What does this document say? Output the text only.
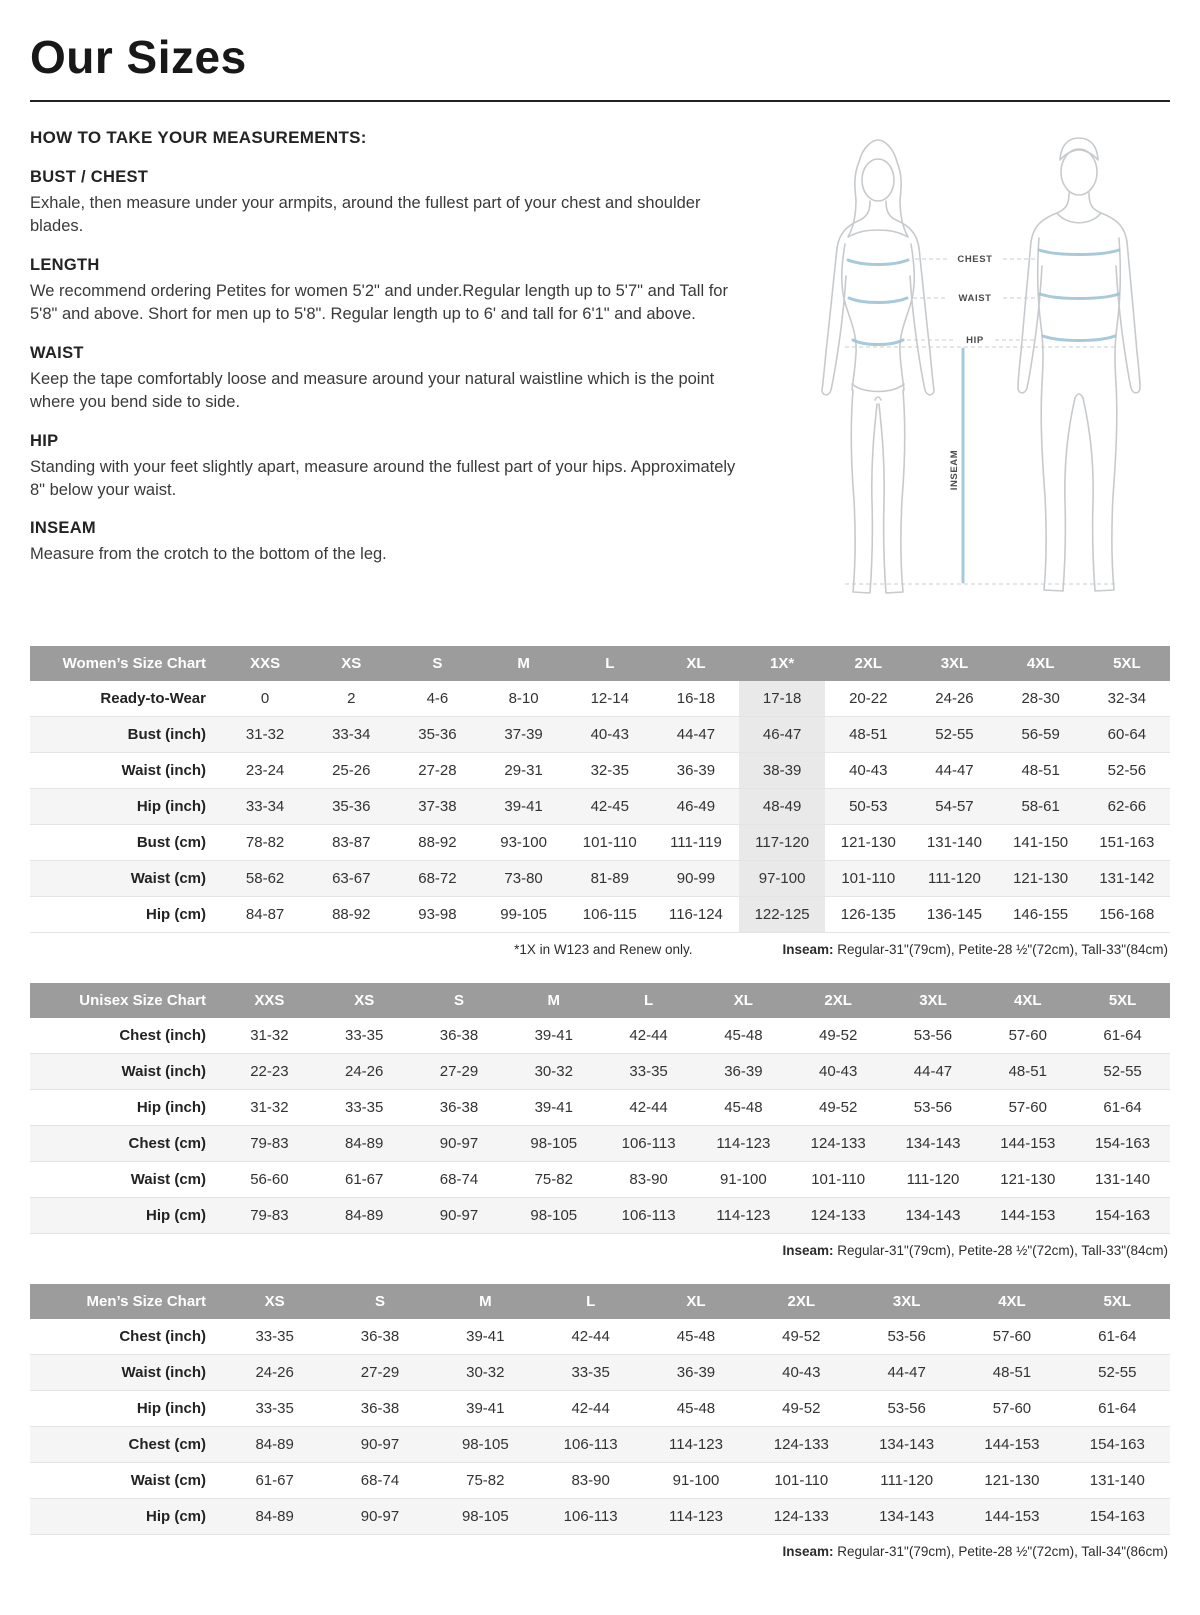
Our Sizes
HOW TO TAKE YOUR MEASUREMENTS:
BUST / CHEST

Exhale, then measure under your armpits, around the fullest part of your chest and shoulder blades.

LENGTH

We recommend ordering Petites for women 5'2" and under.Regular length up to 5'7" and Tall for 5'8" and above. Short for men up to 5'8". Regular length up to 6' and tall for 6'1" and above.

WAIST

Keep the tape comfortably loose and measure around your natural waistline which is the point where you bend side to side.

HIP

Standing with your feet slightly apart, measure around the fullest part of your hips. Approximately 8" below your waist.

INSEAM

Measure from the crotch to the bottom of the leg.

CHEST
WAIST
HIP
INSEAM
Women’s Size Chart	XXS	XS	S	M	L	XL	1X*	2XL	3XL	4XL	5XL
Ready-to-Wear	0	2	4-6	8-10	12-14	16-18	17-18	20-22	24-26	28-30	32-34
Bust (inch)	31-32	33-34	35-36	37-39	40-43	44-47	46-47	48-51	52-55	56-59	60-64
Waist (inch)	23-24	25-26	27-28	29-31	32-35	36-39	38-39	40-43	44-47	48-51	52-56
Hip (inch)	33-34	35-36	37-38	39-41	42-45	46-49	48-49	50-53	54-57	58-61	62-66
Bust (cm)	78-82	83-87	88-92	93-100	101-110	111-119	117-120	121-130	131-140	141-150	151-163
Waist (cm)	58-62	63-67	68-72	73-80	81-89	90-99	97-100	101-110	111-120	121-130	131-142
Hip (cm)	84-87	88-92	93-98	99-105	106-115	116-124	122-125	126-135	136-145	146-155	156-168
*1X in W123 and Renew only.	Inseam: Regular-31"(79cm), Petite-28 ½"(72cm), Tall-33"(84cm)
Unisex Size Chart	XXS	XS	S	M	L	XL	2XL	3XL	4XL	5XL
Chest (inch)	31-32	33-35	36-38	39-41	42-44	45-48	49-52	53-56	57-60	61-64
Waist (inch)	22-23	24-26	27-29	30-32	33-35	36-39	40-43	44-47	48-51	52-55
Hip (inch)	31-32	33-35	36-38	39-41	42-44	45-48	49-52	53-56	57-60	61-64
Chest (cm)	79-83	84-89	90-97	98-105	106-113	114-123	124-133	134-143	144-153	154-163
Waist (cm)	56-60	61-67	68-74	75-82	83-90	91-100	101-110	111-120	121-130	131-140
Hip (cm)	79-83	84-89	90-97	98-105	106-113	114-123	124-133	134-143	144-153	154-163
Inseam: Regular-31"(79cm), Petite-28 ½"(72cm), Tall-33"(84cm)
Men’s Size Chart	XS	S	M	L	XL	2XL	3XL	4XL	5XL
Chest (inch)	33-35	36-38	39-41	42-44	45-48	49-52	53-56	57-60	61-64
Waist (inch)	24-26	27-29	30-32	33-35	36-39	40-43	44-47	48-51	52-55
Hip (inch)	33-35	36-38	39-41	42-44	45-48	49-52	53-56	57-60	61-64
Chest (cm)	84-89	90-97	98-105	106-113	114-123	124-133	134-143	144-153	154-163
Waist (cm)	61-67	68-74	75-82	83-90	91-100	101-110	111-120	121-130	131-140
Hip (cm)	84-89	90-97	98-105	106-113	114-123	124-133	134-143	144-153	154-163
Inseam: Regular-31"(79cm), Petite-28 ½"(72cm), Tall-34"(86cm)
